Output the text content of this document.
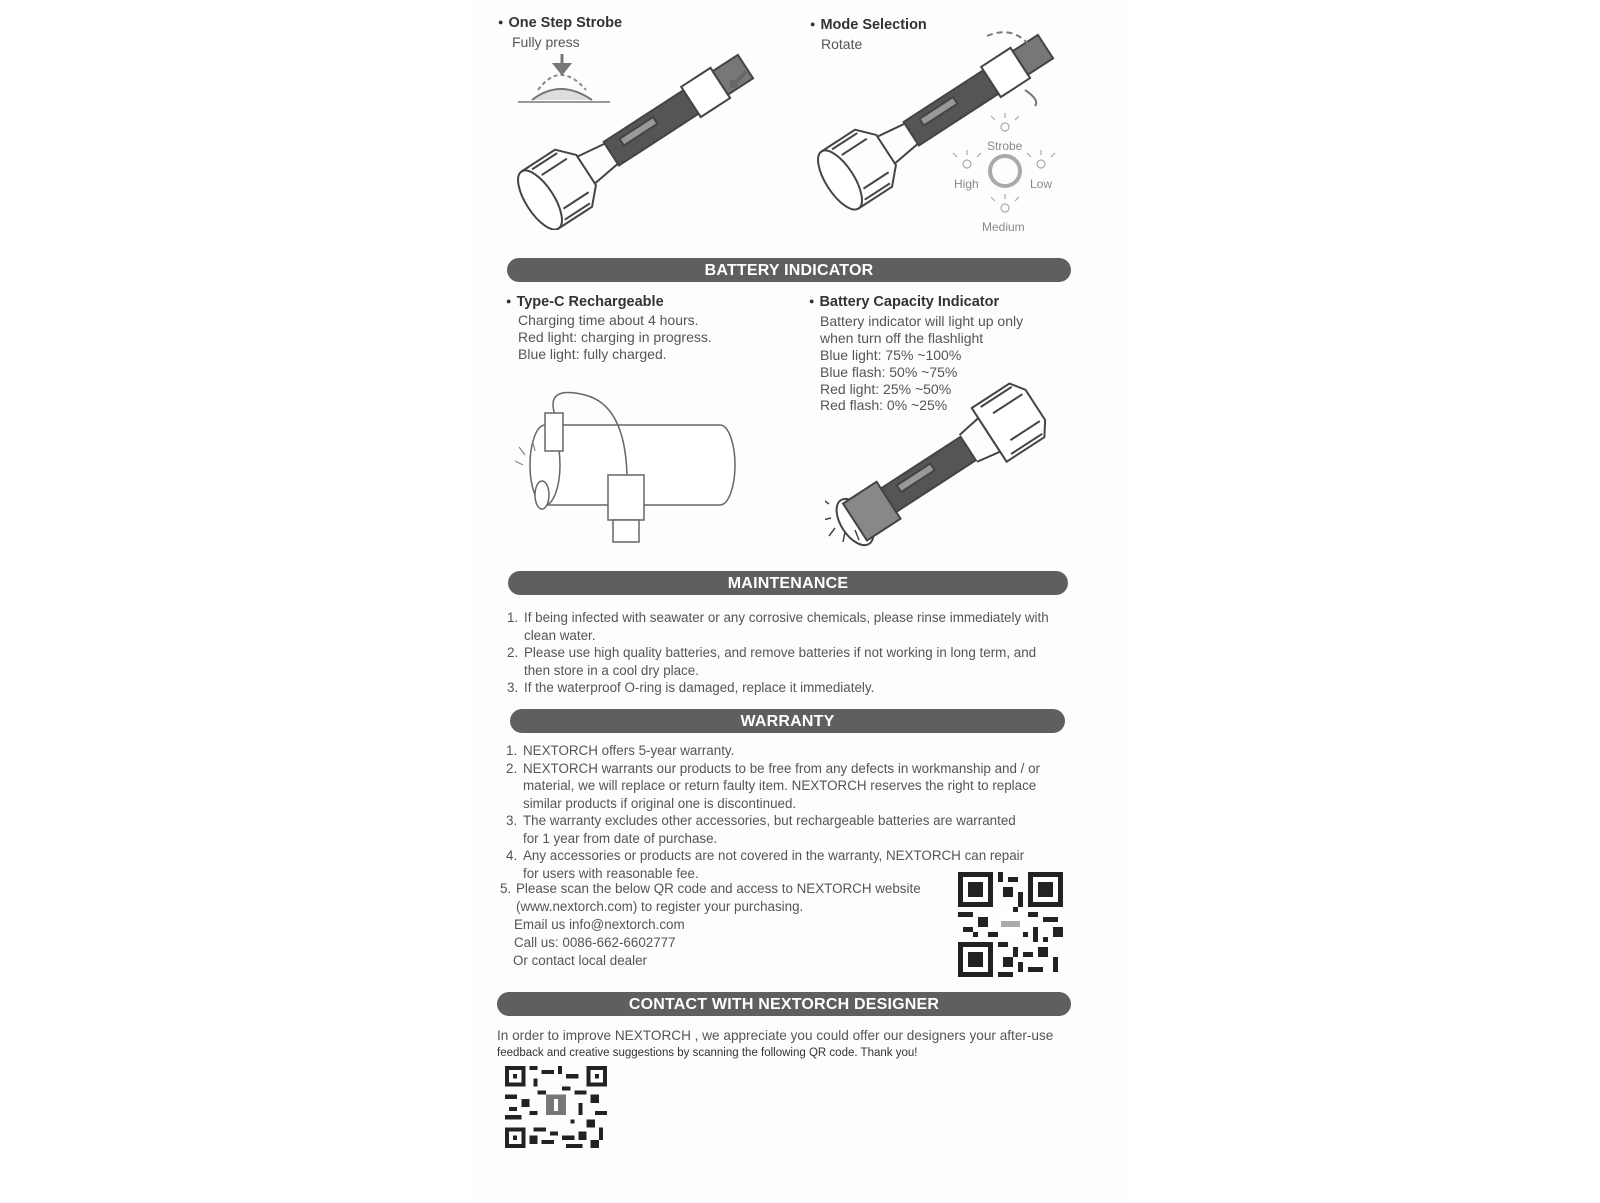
● One Step Strobe
Fully press
● Mode Selection
Rotate
Strobe
High	Low
Medium
BATTERY INDICATOR
● Type-C Rechargeable
Charging time about 4 hours.
Red light: charging in progress.
Blue light: fully charged.
● Battery Capacity Indicator
Battery indicator will light up only
when turn off the flashlight
Blue light: 75% ~100%
Blue flash: 50% ~75%
Red light: 25% ~50%
Red flash: 0% ~25%
MAINTENANCE
1. If being infected with seawater or any corrosive chemicals, please rinse immediately with
clean water.
2. Please use high quality batteries, and remove batteries if not working in long term, and
then store in a cool dry place.
3. If the waterproof O-ring is damaged, replace it immediately.
WARRANTY
1. NEXTORCH offers 5-year warranty.
2. NEXTORCH warrants our products to be free from any defects in workmanship and / or
material, we will replace or return faulty item. NEXTORCH reserves the right to replace
similar products if original one is discontinued.
3. The warranty excludes other accessories, but rechargeable batteries are warranted
for 1 year from date of purchase.
4. Any accessories or products are not covered in the warranty, NEXTORCH can repair
for users with reasonable fee.
5. Please scan the below QR code and access to NEXTORCH website
(www.nextorch.com) to register your purchasing.
Email us info@nextorch.com
Call us: 0086-662-6602777
Or contact local dealer
CONTACT WITH NEXTORCH DESIGNER
In order to improve NEXTORCH , we appreciate you could offer our designers your after-use
feedback and creative suggestions by scanning the following QR code. Thank you!
